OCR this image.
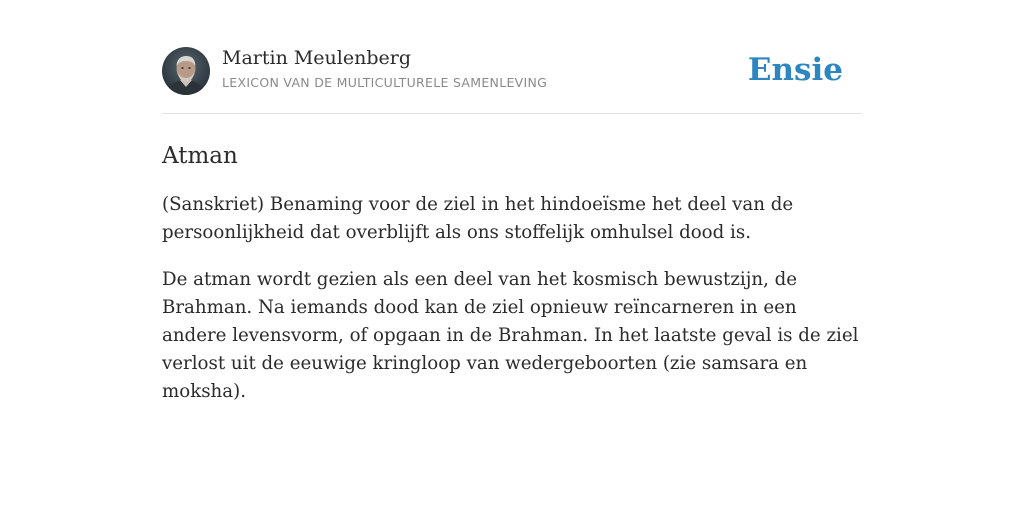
Martin Meulenberg
LEXICON VAN DE MULTICULTURELE SAMENLEVING	Ensie
Atman

(Sanskriet) Benaming voor de ziel in het hindoeïsme het deel van de persoonlijkheid dat overblijft als ons stoffelijk omhulsel dood is.

De atman wordt gezien als een deel van het kosmisch bewustzijn, de Brahman. Na iemands dood kan de ziel opnieuw reïncarneren in een andere levensvorm, of opgaan in de Brahman. In het laatste geval is de ziel verlost uit de eeuwige kringloop van wedergeboorten (zie samsara en moksha).
